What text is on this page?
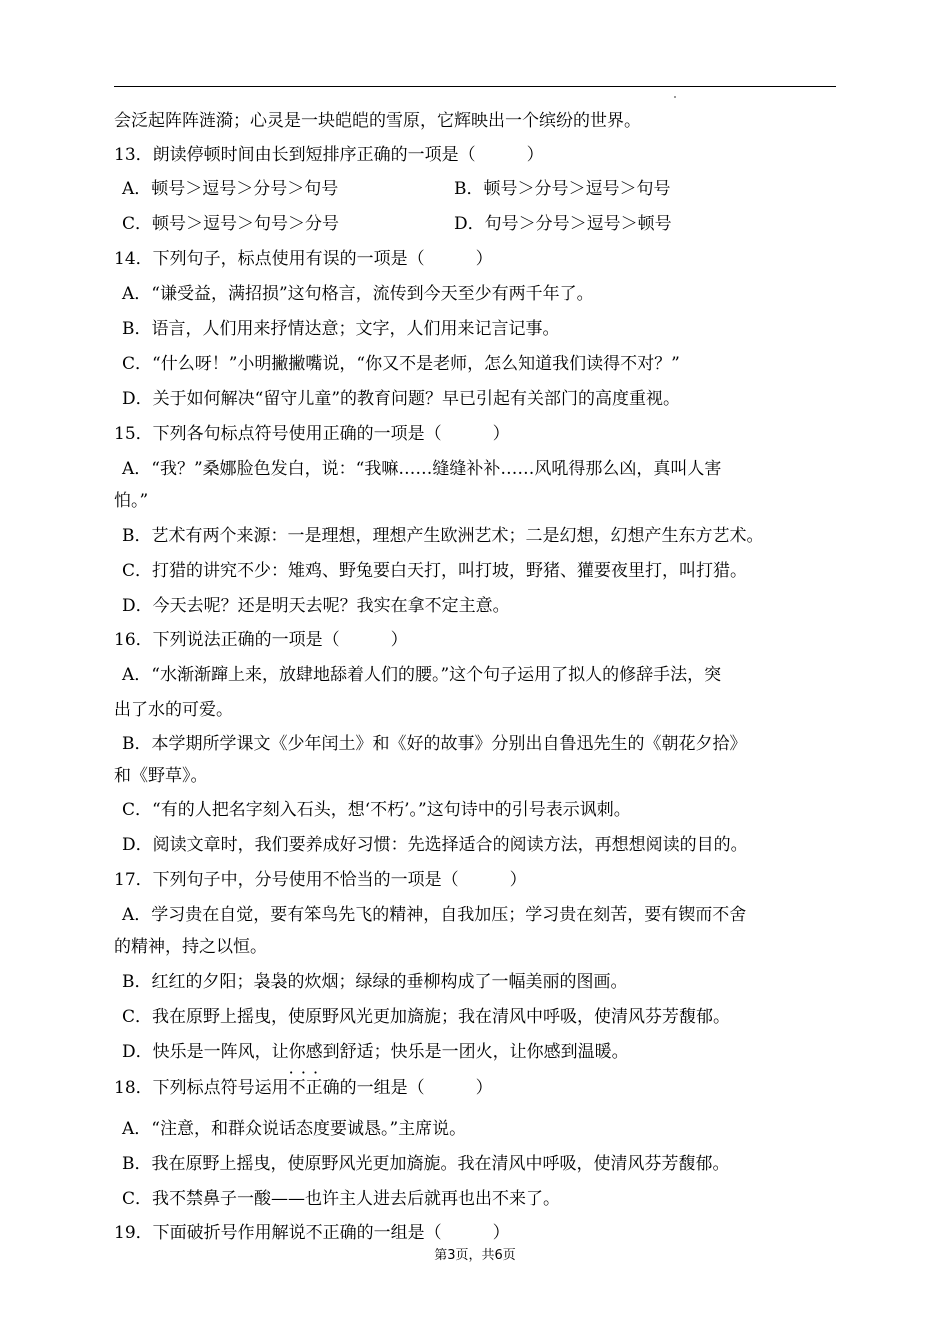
会泛起阵阵涟漪；心灵是一块皑皑的雪原，它辉映出一个缤纷的世界。
13．朗读停顿时间由长到短排序正确的一项是（　　　）
A．顿号＞逗号＞分号＞句号	B．顿号＞分号＞逗号＞句号
C．顿号＞逗号＞句号＞分号	D．句号＞分号＞逗号＞顿号
14．下列句子，标点使用有误的一项是（　　　）
A．“谦受益，满招损”这句格言，流传到今天至少有两千年了。
B．语言，人们用来抒情达意；文字，人们用来记言记事。
C．“什么呀！”小明撇撇嘴说，“你又不是老师，怎么知道我们读得不对？”
D．关于如何解决“留守儿童”的教育问题？早已引起有关部门的高度重视。
15．下列各句标点符号使用正确的一项是（　　　）
A．“我？”桑娜脸色发白，说：“我嘛……缝缝补补……风吼得那么凶，真叫人害
怕。”
B．艺术有两个来源：一是理想，理想产生欧洲艺术；二是幻想，幻想产生东方艺术。
C．打猎的讲究不少：雉鸡、野兔要白天打，叫打坡，野猪、獾要夜里打，叫打猎。
D．今天去呢？还是明天去呢？我实在拿不定主意。
16．下列说法正确的一项是（　　　）
A．“水渐渐蹿上来，放肆地舔着人们的腰。”这个句子运用了拟人的修辞手法，突
出了水的可爱。
B．本学期所学课文《少年闰土》和《好的故事》分别出自鲁迅先生的《朝花夕拾》
和《野草》。
C．“有的人把名字刻入石头，想‘不朽’。”这句诗中的引号表示讽刺。
D．阅读文章时，我们要养成好习惯：先选择适合的阅读方法，再想想阅读的目的。
17．下列句子中，分号使用不恰当的一项是（　　　）
A．学习贵在自觉，要有笨鸟先飞的精神，自我加压；学习贵在刻苦，要有锲而不舍
的精神，持之以恒。
B．红红的夕阳；袅袅的炊烟；绿绿的垂柳构成了一幅美丽的图画。
C．我在原野上摇曳，使原野风光更加旖旎；我在清风中呼吸，使清风芬芳馥郁。
D．快乐是一阵风，让你感到舒适；快乐是一团火，让你感到温暖。
18．下列标点符号运用· · · 不正确的一组是（　　　）
A．“注意，和群众说话态度要诚恳。”主席说。
B．我在原野上摇曳，使原野风光更加旖旎。我在清风中呼吸，使清风芬芳馥郁。
C．我不禁鼻子一酸——也许主人进去后就再也出不来了。
19．下面破折号作用解说不正确的一组是（　　　）
第3页，共6页
